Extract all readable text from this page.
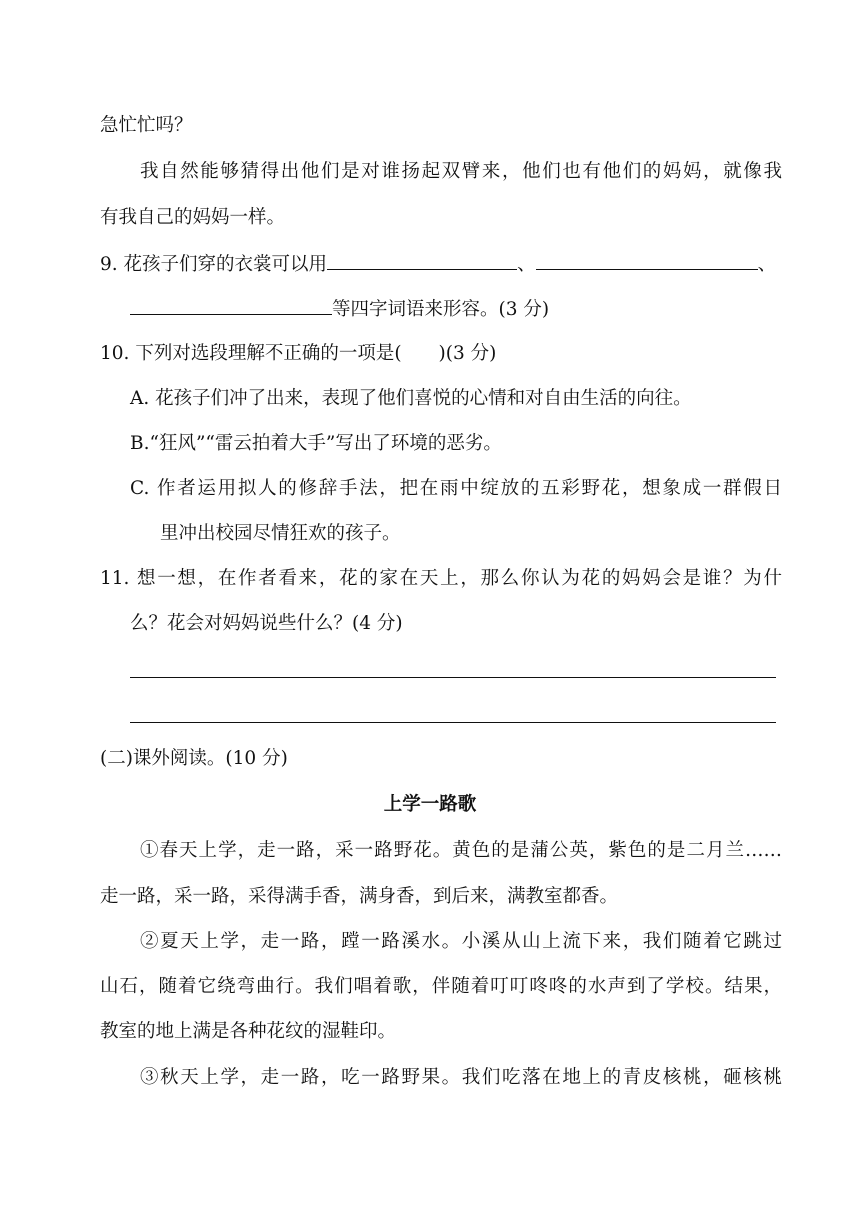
急忙忙吗？
我自然能够猜得出他们是对谁扬起双臂来，他们也有他们的妈妈，就像我
有我自己的妈妈一样。
9. 花孩子们穿的衣裳可以用	、	、
等四字词语来形容。(3 分)
10. 下列对选段理解不正确的一项是(　　)(3 分)
A. 花孩子们冲了出来，表现了他们喜悦的心情和对自由生活的向往。
B.“狂风”“雷云拍着大手”写出了环境的恶劣。
C. 作者运用拟人的修辞手法，把在雨中绽放的五彩野花，想象成一群假日
里冲出校园尽情狂欢的孩子。
11. 想一想，在作者看来，花的家在天上，那么你认为花的妈妈会是谁？为什
么？花会对妈妈说些什么？(4 分)
(二)课外阅读。(10 分)
上学一路歌
①春天上学，走一路，采一路野花。黄色的是蒲公英，紫色的是二月兰……
走一路，采一路，采得满手香，满身香，到后来，满教室都香。
②夏天上学，走一路，蹚一路溪水。小溪从山上流下来，我们随着它跳过
山石，随着它绕弯曲行。我们唱着歌，伴随着叮叮咚咚的水声到了学校。结果，
教室的地上满是各种花纹的湿鞋印。
③秋天上学，走一路，吃一路野果。我们吃落在地上的青皮核桃，砸核桃
